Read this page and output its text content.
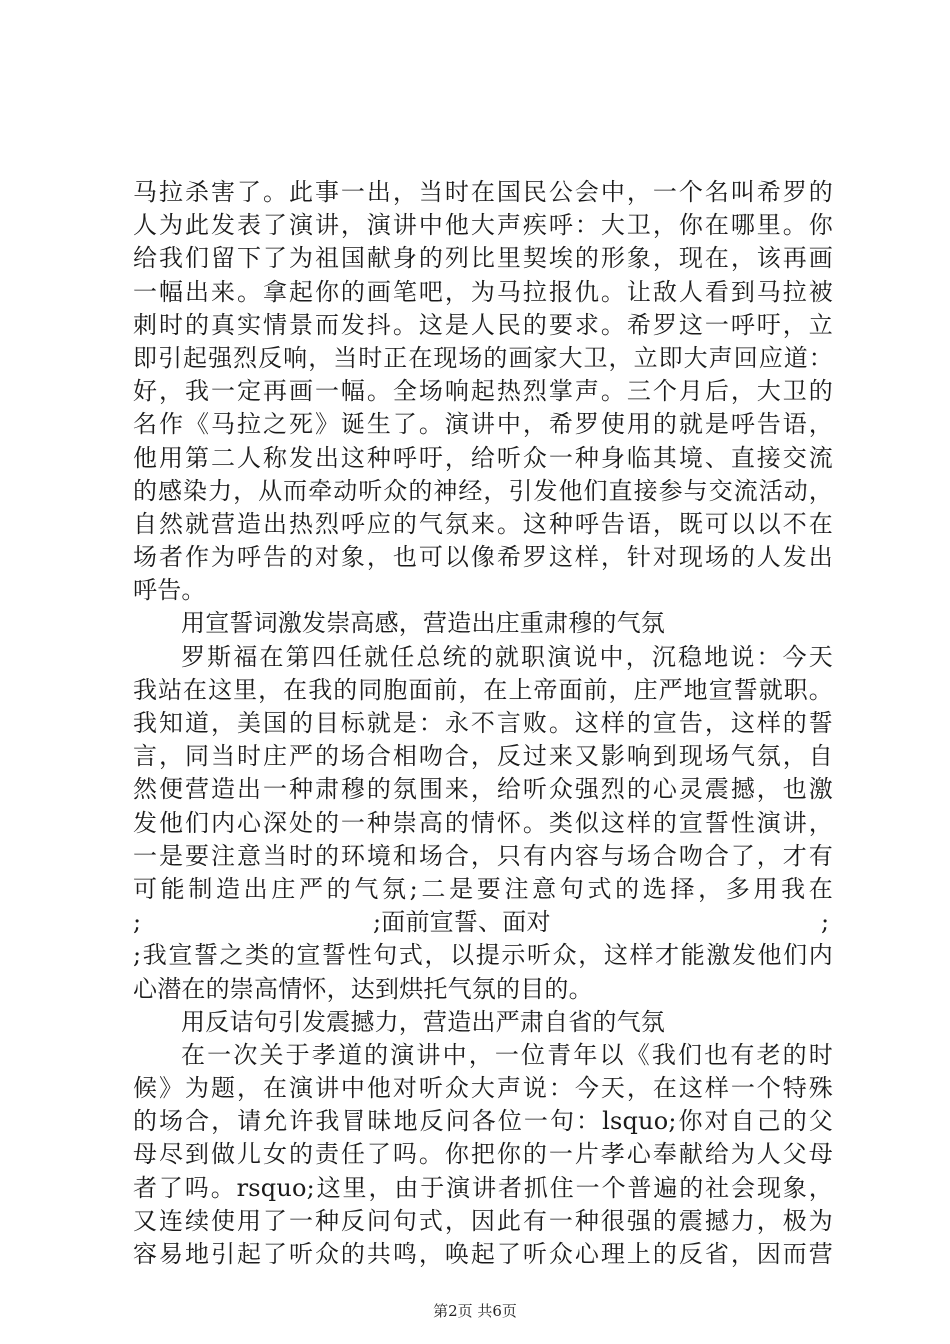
马拉杀害了。此事一出，当时在国民公会中，一个名叫希罗的
人为此发表了演讲，演讲中他大声疾呼：大卫，你在哪里。你
给我们留下了为祖国献身的列比里契埃的形象，现在，该再画
一幅出来。拿起你的画笔吧，为马拉报仇。让敌人看到马拉被
刺时的真实情景而发抖。这是人民的要求。希罗这一呼吁，立
即引起强烈反响，当时正在现场的画家大卫，立即大声回应道：
好，我一定再画一幅。全场响起热烈掌声。三个月后，大卫的
名作《马拉之死》诞生了。演讲中，希罗使用的就是呼告语，
他用第二人称发出这种呼吁，给听众一种身临其境、直接交流
的感染力，从而牵动听众的神经，引发他们直接参与交流活动，
自然就营造出热烈呼应的气氛来。这种呼告语，既可以以不在
场者作为呼告的对象，也可以像希罗这样，针对现场的人发出
呼告。
用宣誓词激发崇高感，营造出庄重肃穆的气氛
罗斯福在第四任就任总统的就职演说中，沉稳地说：今天
我站在这里，在我的同胞面前，在上帝面前，庄严地宣誓就职。
我知道，美国的目标就是：永不言败。这样的宣告，这样的誓
言，同当时庄严的场合相吻合，反过来又影响到现场气氛，自
然便营造出一种肃穆的氛围来，给听众强烈的心灵震撼，也激
发他们内心深处的一种崇高的情怀。类似这样的宣誓性演讲，
一是要注意当时的环境和场合，只有内容与场合吻合了，才有
可能制造出庄严的气氛;二是要注意句式的选择，多用我在
;	;面前宣誓、面对	;
;我宣誓之类的宣誓性句式，以提示听众，这样才能激发他们内
心潜在的崇高情怀，达到烘托气氛的目的。
用反诘句引发震撼力，营造出严肃自省的气氛
在一次关于孝道的演讲中，一位青年以《我们也有老的时
候》为题，在演讲中他对听众大声说：今天，在这样一个特殊
的场合，请允许我冒昧地反问各位一句：lsquo;你对自己的父
母尽到做儿女的责任了吗。你把你的一片孝心奉献给为人父母
者了吗。rsquo;这里，由于演讲者抓住一个普遍的社会现象，
又连续使用了一种反问句式，因此有一种很强的震撼力，极为
容易地引起了听众的共鸣，唤起了听众心理上的反省，因而营
第2页 共6页
